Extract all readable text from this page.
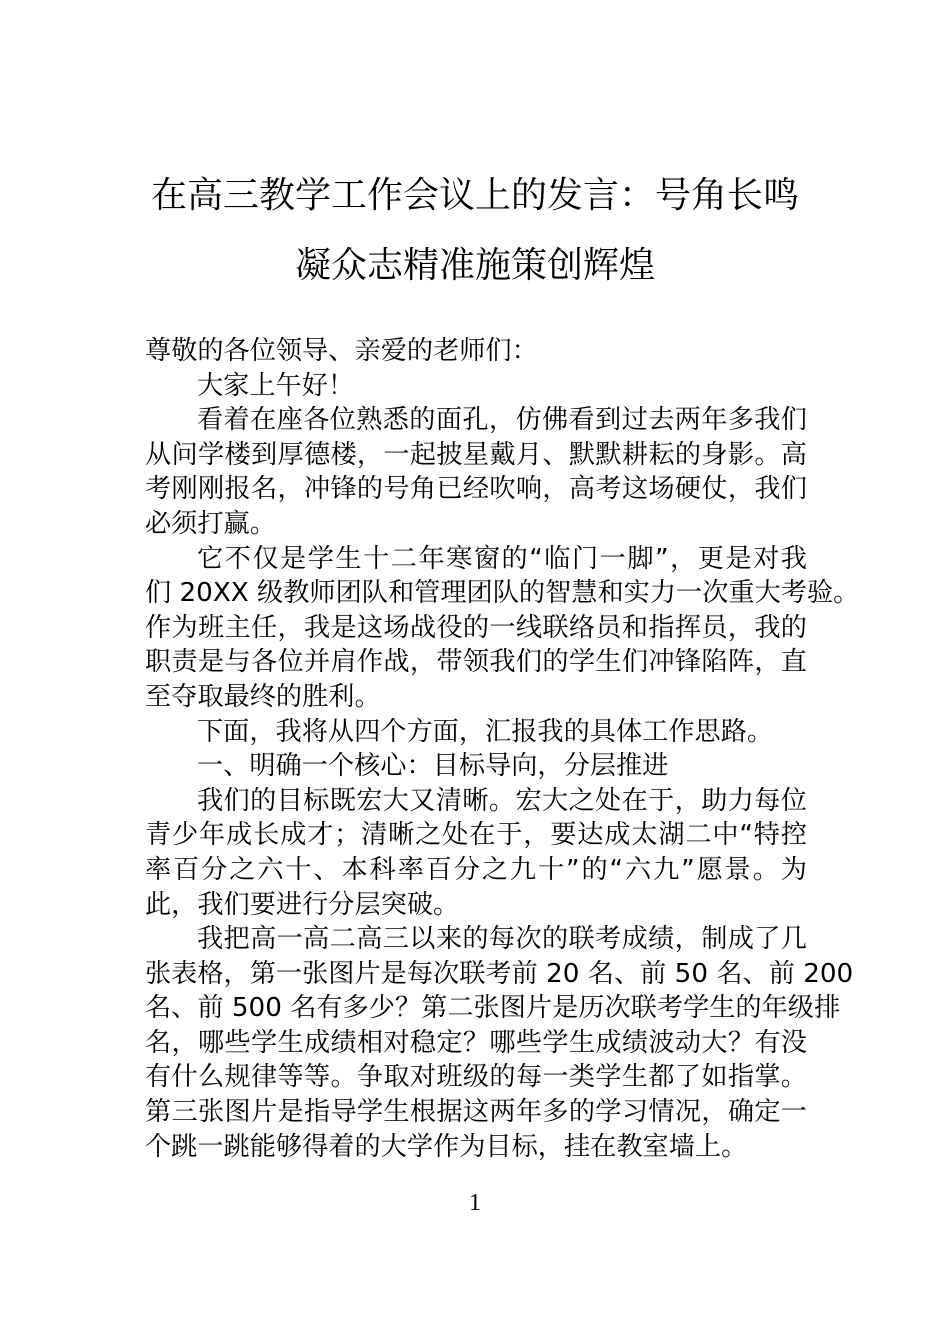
在高三教学工作会议上的发言：号角长鸣
凝众志精准施策创辉煌
尊敬的各位领导、亲爱的老师们：
大家上午好！
看着在座各位熟悉的面孔，仿佛看到过去两年多我们
从问学楼到厚德楼，一起披星戴月、默默耕耘的身影。高
考刚刚报名，冲锋的号角已经吹响，高考这场硬仗，我们
必须打赢。
它不仅是学生十二年寒窗的“临门一脚”，更是对我
们 20XX 级教师团队和管理团队的智慧和实力一次重大考验。
作为班主任，我是这场战役的一线联络员和指挥员，我的
职责是与各位并肩作战，带领我们的学生们冲锋陷阵，直
至夺取最终的胜利。
下面，我将从四个方面，汇报我的具体工作思路。
一、明确一个核心：目标导向，分层推进
我们的目标既宏大又清晰。宏大之处在于，助力每位
青少年成长成才；清晰之处在于，要达成太湖二中“特控
率百分之六十、本科率百分之九十”的“六九”愿景。为
此，我们要进行分层突破。
我把高一高二高三以来的每次的联考成绩，制成了几
张表格，第一张图片是每次联考前 20 名、前 50 名、前 200
名、前 500 名有多少？第二张图片是历次联考学生的年级排
名，哪些学生成绩相对稳定？哪些学生成绩波动大？有没
有什么规律等等。争取对班级的每一类学生都了如指掌。
第三张图片是指导学生根据这两年多的学习情况，确定一
个跳一跳能够得着的大学作为目标，挂在教室墙上。
1
